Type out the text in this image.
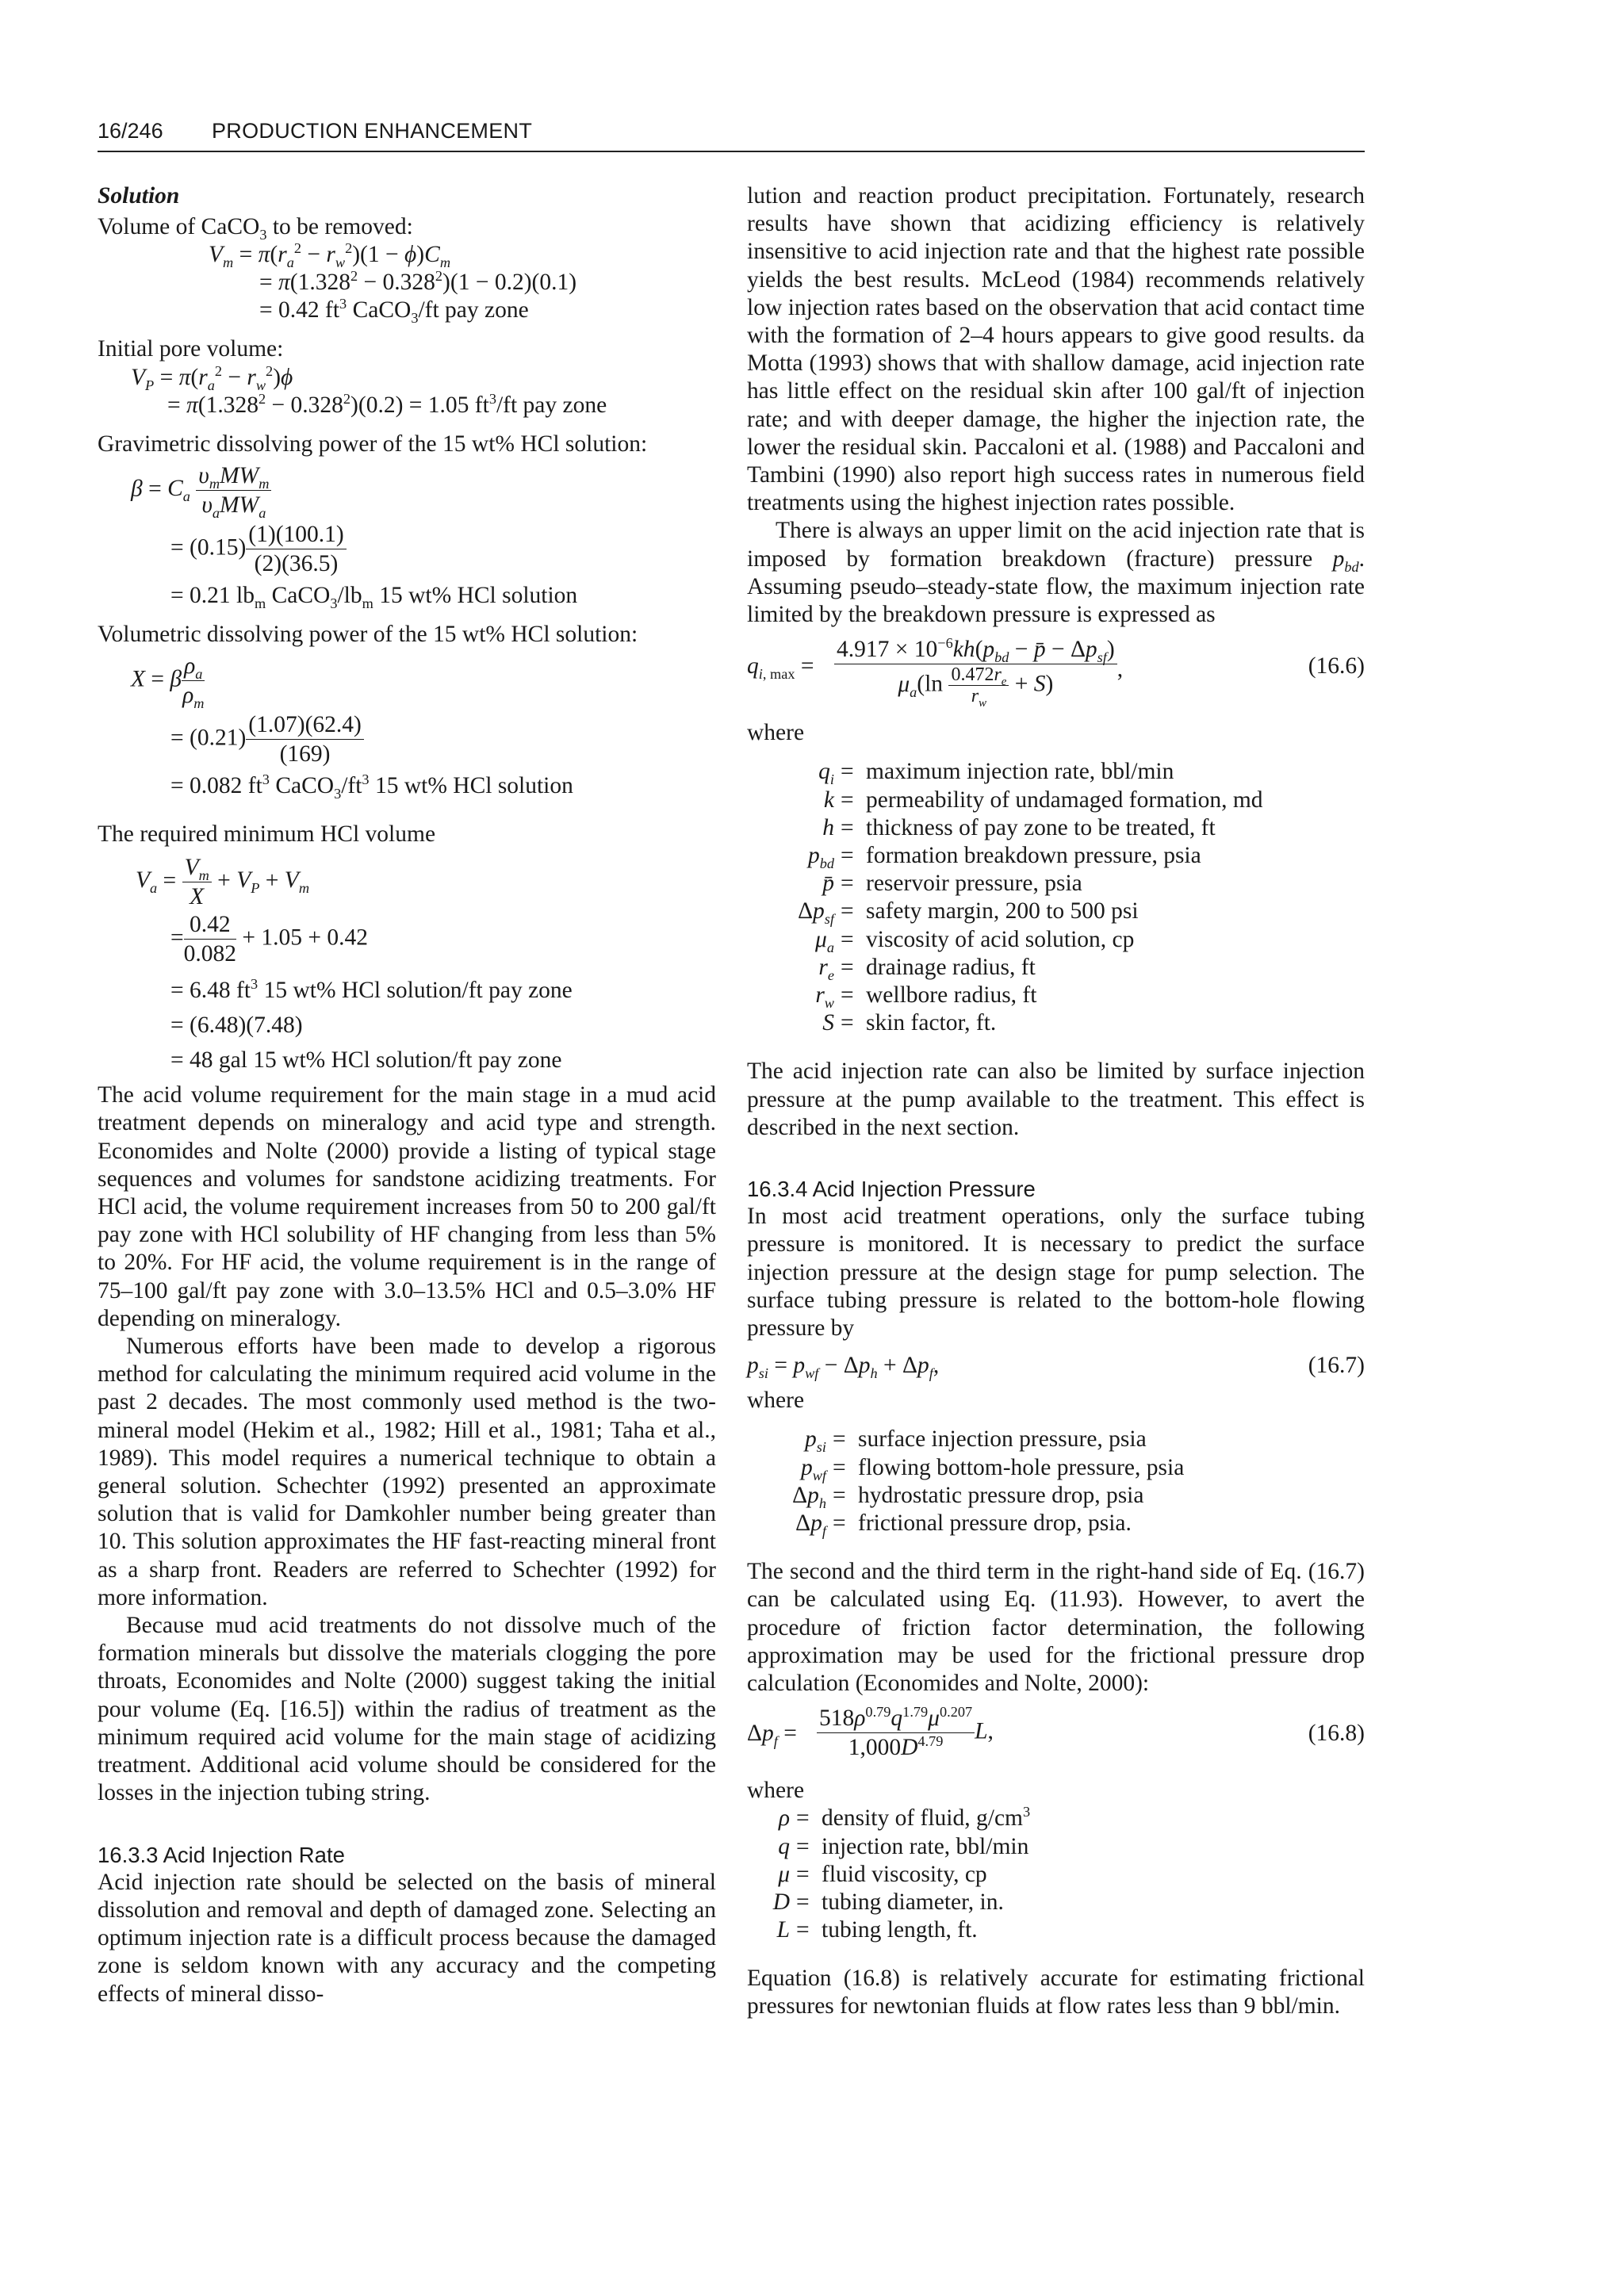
16/246 PRODUCTION ENHANCEMENT

Solution

Volume of CaCO$_3$ to be removed:

$V_m = \pi(r_a^2 - r_w^2)(1 - \phi)C_m$
= $\pi(1.328^2 - 0.328^2)(1 - 0.2)(0.1)$
= 0.42 $ft^3$ CaCO$_3$/ft pay zone

Initial pore volume:

$V_P = \pi(r_a^2 - r_w^2)\phi$
= $\pi(1.328^2 - 0.328^2)(0.2) = 1.05$ $ft^3/ft$ pay zone

Gravimetric dissolving power of the 15 wt% HCl solution:

$\beta = C_a \frac{\upsilon_mMW_m}{\upsilon_aMW_a}$
= $(0.15) \frac{(1)(100.1)}{(2)(36.5)}$
= 0.21 $lb_m$ $CaCO_3/lb_m$ 15 wt% HCl solution

Volumetric dissolving power of the 15 wt% HCl solution:

X = β $\frac{\rho_a}{\rho_m}$
= $(0.21) \frac{(1.07)(62.4)}{(169)}$
= 0.082 $ft^3$ $CaCO_3/ft^3$ 15 wt% HCl solution

The required minimum HCl volume

$V_a = \frac{V_m}{X} + V_P + V_m$
= $\frac{0.42}{0.082} + 1.05 + 0.42$
= 6.48 $ft^3$ 15 wt% HCl solution/ft pay zone
= (6.48)(7.48)
= 48 gal 15 wt% HCl solution/ft pay zone

The acid volume requirement for the main stage in a mud acid treatment depends on mineralogy and acid type and strength. Economides and Nolte (2000) provide a listing of typical stage sequences and volumes for sandstone acidizing treatments. For HCl acid, the volume requirement increases from 50 to 200 gal/ft pay zone with HCl solubility of HF changing from less than 5% to 20%. For HF acid, the volume requirement is in the range of 75–100 gal/ft pay zone with 3.0–13.5% HCl and 0.5–3.0% HF depending on mineralogy.

Numerous efforts have been made to develop a rigorous method for calculating the minimum required acid volume in the past 2 decades. The most commonly used method is the two-mineral model (Hekim et al., 1982; Hill et al., 1981; Taha et al., 1989). This model requires a numerical technique to obtain a general solution. Schechter (1992) presented an approximate solution that is valid for Damkohler number being greater than 10. This solution approximates the HF fast-reacting mineral front as a sharp front. Readers are referred to Schechter (1992) for more information.

Because mud acid treatments do not dissolve much of the formation minerals but dissolve the materials clogging the pore throats, Economides and Nolte (2000) suggest taking the initial pour volume (Eq. [16.5]) within the radius of treatment as the minimum required acid volume for the main stage of acidizing treatment. Additional acid volume should be considered for the losses in the injection tubing string.

16.3.3 Acid Injection Rate

Acid injection rate should be selected on the basis of mineral dissolution and removal and depth of damaged zone. Selecting an optimum injection rate is a difficult process because the damaged zone is seldom known with any accuracy and the competing effects of mineral disso-

lution and reaction product precipitation. Fortunately, research results have shown that acidizing efficiency is relatively insensitive to acid injection rate and that the highest rate possible yields the best results. McLeod (1984) recommends relatively low injection rates based on the observation that acid contact time with the formation of 2–4 hours appears to give good results. da Motta (1993) shows that with shallow damage, acid injection rate has little effect on the residual skin after 100 gal/ft of injection rate; and with deeper damage, the higher the injection rate, the lower the residual skin. Paccaloni et al. (1988) and Paccaloni and Tambini (1990) also report high success rates in numerous field treatments using the highest injection rates possible.

There is always an upper limit on the acid injection rate that is imposed by formation breakdown (fracture) pressure $p_{bd}$. Assuming pseudo–steady-state flow, the maximum injection rate limited by the breakdown pressure is expressed as

$q_{i, max} = \frac{4.917 \times 10^{-6}kh(p_{bd} - p̄ - \Delta p_{sf})}{\mu_a(\ln \frac{0.472r_e}{r_w} + S)}$ ,	(16.6)

where

$q_i$ = maximum injection rate, bbl/min
k = permeability of undamaged formation, md
h = thickness of pay zone to be treated, ft
$p_{bd}$ = formation breakdown pressure, psia
p̄ = reservoir pressure, psia
$\Delta p_{sf}$ = safety margin, 200 to 500 psi
$\mu_a$ = viscosity of acid solution, cp
$r_e$ = drainage radius, ft
$r_w$ = wellbore radius, ft
S = skin factor, ft.

The acid injection rate can also be limited by surface injection pressure at the pump available to the treatment. This effect is described in the next section.

16.3.4 Acid Injection Pressure

In most acid treatment operations, only the surface tubing pressure is monitored. It is necessary to predict the surface injection pressure at the design stage for pump selection. The surface tubing pressure is related to the bottom-hole flowing pressure by

$p_{si} = p_{wf} - \Delta p_h + \Delta p_f$,	(16.7)

where

$p_{si}$ = surface injection pressure, psia
$p_{wf}$ = flowing bottom-hole pressure, psia
$\Delta p_h$ = hydrostatic pressure drop, psia
$\Delta p_f$ = frictional pressure drop, psia.

The second and the third term in the right-hand side of Eq. (16.7) can be calculated using Eq. (11.93). However, to avert the procedure of friction factor determination, the following approximation may be used for the frictional pressure drop calculation (Economides and Nolte, 2000):

$\Delta p_f = \frac{518\rho^{0.79}q^{1.79}\mu^{0.207}}{1,000D^{4.79}} L$,	(16.8)

where

ρ = density of fluid, $g/cm^3$
q = injection rate, bbl/min
μ = fluid viscosity, cp
D = tubing diameter, in.
L = tubing length, ft.

Equation (16.8) is relatively accurate for estimating frictional pressures for newtonian fluids at flow rates less than 9 bbl/min.
